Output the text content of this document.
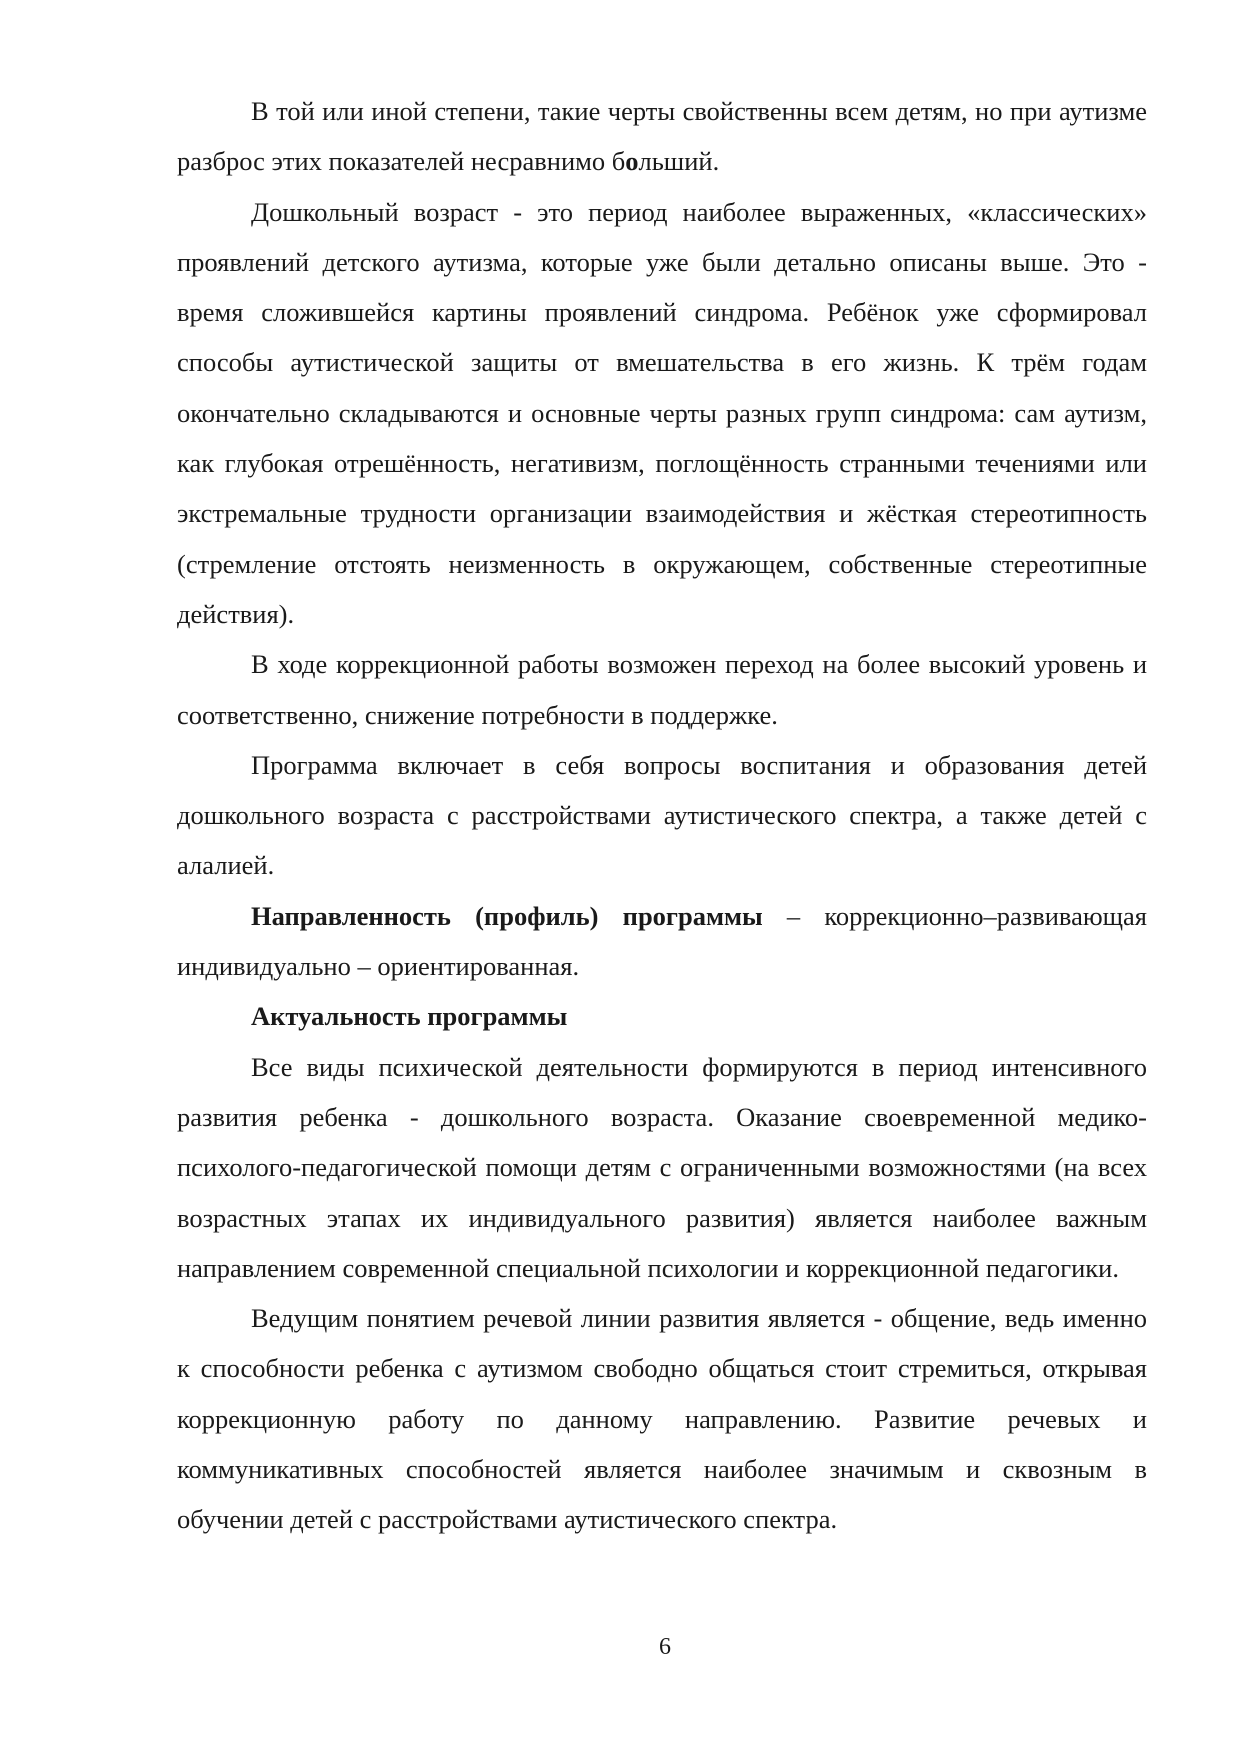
В той или иной степени, такие черты свойственны всем детям, но при аутизме разброс этих показателей несравнимо больший.

Дошкольный возраст - это период наиболее выраженных, «классических» проявлений детского аутизма, которые уже были детально описаны выше. Это - время сложившейся картины проявлений синдрома. Ребёнок уже сформировал способы аутистической защиты от вмешательства в его жизнь. К трём годам окончательно складываются и основные черты разных групп синдрома: сам аутизм, как глубокая отрешённость, негативизм, поглощённость странными течениями или экстремальные трудности организации взаимодействия и жёсткая стереотипность (стремление отстоять неизменность в окружающем, собственные стереотипные действия).

В ходе коррекционной работы возможен переход на более высокий уровень и соответственно, снижение потребности в поддержке.

Программа включает в себя вопросы воспитания и образования детей дошкольного возраста с расстройствами аутистического спектра, а также детей с алалией.

Направленность (профиль) программы – коррекционно–развивающая индивидуально – ориентированная.

Актуальность программы

Все виды психической деятельности формируются в период интенсивного развития ребенка - дошкольного возраста. Оказание своевременной медико-психолого-педагогической помощи детям с ограниченными возможностями (на всех возрастных этапах их индивидуального развития) является наиболее важным направлением современной специальной психологии и коррекционной педагогики.

Ведущим понятием речевой линии развития является - общение, ведь именно к способности ребенка с аутизмом свободно общаться стоит стремиться, открывая коррекционную работу по данному направлению. Развитие речевых и коммуникативных способностей является наиболее значимым и сквозным в обучении детей с расстройствами аутистического спектра.

6
